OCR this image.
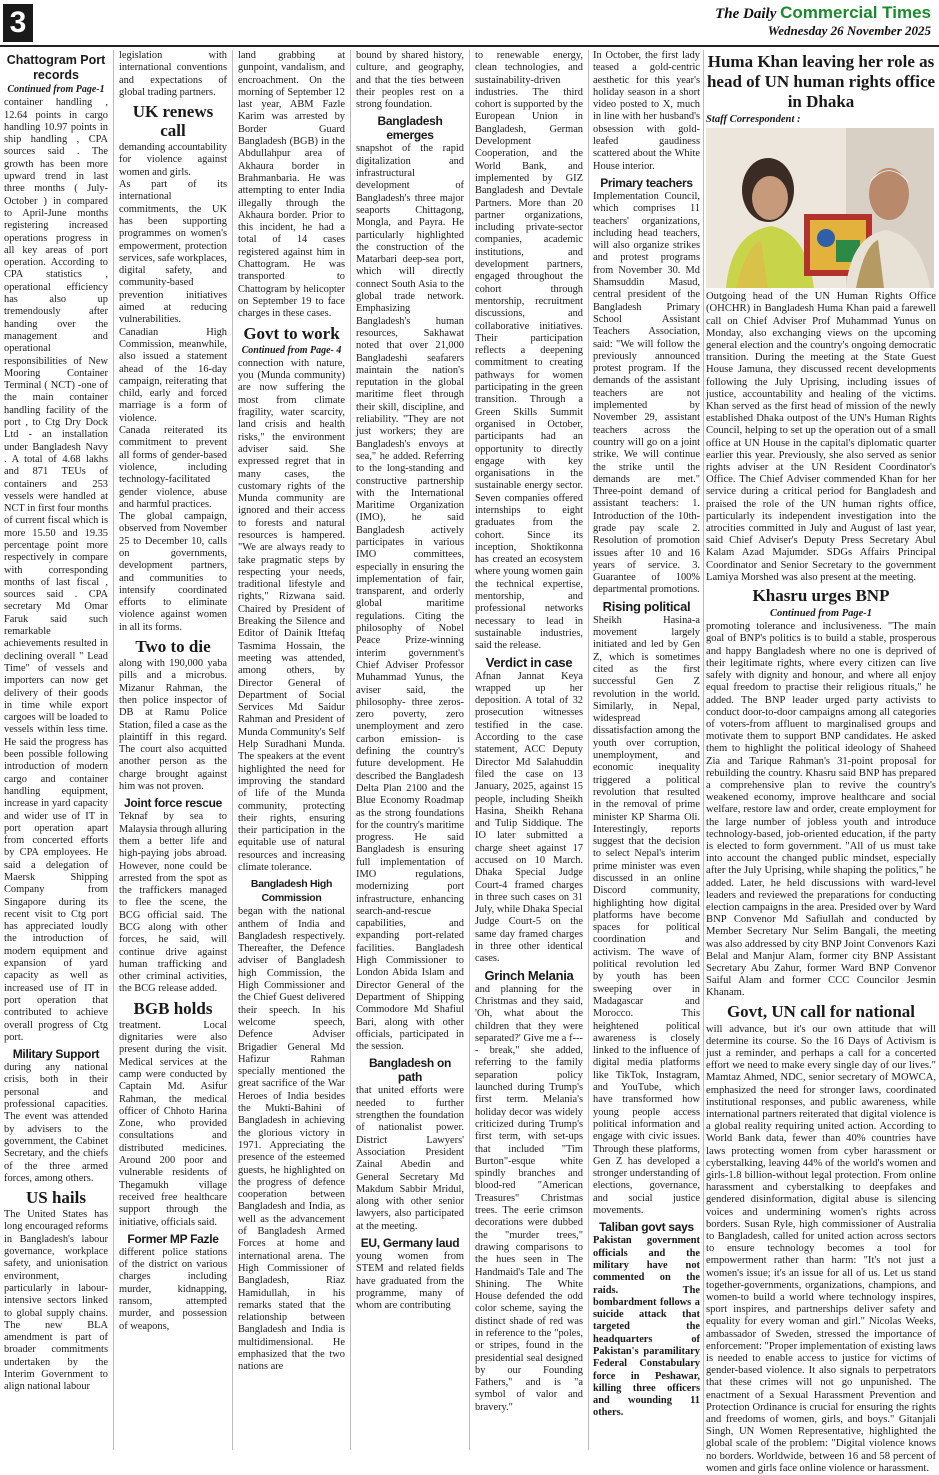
3	The Daily Commercial Times
Wednesday 26 November 2025
Chattogram Port records
Continued from Page-1

container handling , 12.64 points in cargo handling 10.97 points in ship handling , CPA sources said . The growth has been more upward trend in last three months ( July-October ) in compared to April-June months registering increased operations progress in all key areas of port operation. According to CPA statistics , operational efficiency has also up tremendously after handing over the management and operational responsibilities of New Mooring Container Terminal ( NCT) -one of the main container handling facility of the port , to Ctg Dry Dock Ltd - an installation under Bangladesh Navy . A total of 4.68 lakhs and 871 TEUs of containers and 253 vessels were handled at NCT in first four months of current fiscal which is more 15.50 and 19.35 percentage point more respectively in compare with corresponding months of last fiscal , sources said . CPA secretary Md Omar Faruk said such remarkable achievements resulted in declining overall " Lead Time" of vessels and importers can now get delivery of their goods in time while export cargoes will be loaded to vessels within less time. He said the progress has been possible following introduction of modern cargo and container handling equipment, increase in yard capacity and wider use of IT in port operation apart from concerted efforts by CPA employees. He said a delegation of Maersk Shipping Company from Singapore during its recent visit to Ctg port has appreciated loudly the introduction of modern equipment and expansion of yard capacity as well as increased use of IT in port operation that contributed to achieve overall progress of Ctg port.

Military Support

during any national crisis, both in their personal and professional capacities. The event was attended by advisers to the government, the Cabinet Secretary, and the chiefs of the three armed forces, among others.

US hails

The United States has long encouraged reforms in Bangladesh's labour governance, workplace safety, and unionisation environment, particularly in labour-intensive sectors linked to global supply chains. The new BLA amendment is part of broader commitments undertaken by the Interim Government to align national labour

legislation with international conventions and expectations of global trading partners.

UK renews call

demanding accountability for violence against women and girls.

As part of its international commitments, the UK has been supporting programmes on women's empowerment, protection services, safe workplaces, digital safety, and community-based prevention initiatives aimed at reducing vulnerabilities.

Canadian High Commission, meanwhile, also issued a statement ahead of the 16-day campaign, reiterating that child, early and forced marriage is a form of violence.

Canada reiterated its commitment to prevent all forms of gender-based violence, including technology-facilitated gender violence, abuse and harmful practices.

The global campaign, observed from November 25 to December 10, calls on governments, development partners, and communities to intensify coordinated efforts to eliminate violence against women in all its forms.

Two to die

along with 190,000 yaba pills and a microbus. Mizanur Rahman, the then police inspector of DB at Ramu Police Station, filed a case as the plaintiff in this regard. The court also acquitted another person as the charge brought against him was not proven.

Joint force rescue

Teknaf by sea to Malaysia through alluring them a better life and high-paying jobs abroad. However, none could be arrested from the spot as the traffickers managed to flee the scene, the BCG official said. The BCG along with other forces, he said, will continue drive against human trafficking and other criminal activities, the BCG release added.

BGB holds

treatment. Local dignitaries were also present during the visit. Medical services at the camp were conducted by Captain Md. Asifur Rahman, the medical officer of Chhoto Harina Zone, who provided consultations and distributed medicines. Around 200 poor and vulnerable residents of Thegamukh village received free healthcare support through the initiative, officials said.

Former MP Fazle

different police stations of the district on various charges including murder, kidnapping, ransom, attempted murder, and possession of weapons,

land grabbing at gunpoint, vandalism, and encroachment. On the morning of September 12 last year, ABM Fazle Karim was arrested by Border Guard Bangladesh (BGB) in the Abdullahpur area of Akhaura border in Brahmanbaria. He was attempting to enter India illegally through the Akhaura border. Prior to this incident, he had a total of 14 cases registered against him in Chattogram. He was transported to Chattogram by helicopter on September 19 to face charges in these cases.

Govt to work
Continued from Page- 4

connection with nature, you (Munda community) are now suffering the most from climate fragility, water scarcity, land crisis and health risks," the environment adviser said. She expressed regret that in many cases, the customary rights of the Munda community are ignored and their access to forests and natural resources is hampered. "We are always ready to take pragmatic steps by respecting your needs, traditional lifestyle and rights," Rizwana said. Chaired by President of Breaking the Silence and Editor of Dainik Ittefaq Tasmima Hossain, the meeting was attended, among others, by Director General of Department of Social Services Md Saidur Rahman and President of Munda Community's Self Help Suradhani Munda. The speakers at the event highlighted the need for improving the standard of life of the Munda community, protecting their rights, ensuring their participation in the equitable use of natural resources and increasing climate tolerance.

Bangladesh High Commission

began with the national anthem of India and Bangladesh respectively. Thereafter, the Defence adviser of Bangladesh high Commission, the High Commissioner and the Chief Guest delivered their speech. In his welcome speech, Defence Adviser Brigadier General Md Hafizur Rahman specially mentioned the great sacrifice of the War Heroes of India besides the Mukti-Bahini of Bangladesh in achieving the glorious victory in 1971. Appreciating the presence of the esteemed guests, he highlighted on the progress of defence cooperation between Bangladesh and India, as well as the advancement of Bangladesh Armed Forces at home and international arena. The High Commissioner of Bangladesh, Riaz Hamidullah, in his remarks stated that the relationship between Bangladesh and India is multidimensional. He emphasized that the two nations are

bound by shared history, culture, and geography, and that the ties between their peoples rest on a strong foundation.

Bangladesh emerges

snapshot of the rapid digitalization and infrastructural development of Bangladesh's three major seaports Chittagong, Mongla, and Payra. He particularly highlighted the construction of the Matarbari deep-sea port, which will directly connect South Asia to the global trade network. Emphasizing Bangladesh's human resources, Sakhawat noted that over 21,000 Bangladeshi seafarers maintain the nation's reputation in the global maritime fleet through their skill, discipline, and reliability. "They are not just workers; they are Bangladesh's envoys at sea," he added. Referring to the long-standing and constructive partnership with the International Maritime Organization (IMO), he said Bangladesh actively participates in various IMO committees, especially in ensuring the implementation of fair, transparent, and orderly global maritime regulations. Citing the philosophy of Nobel Peace Prize-winning interim government's Chief Adviser Professor Muhammad Yunus, the aviser said, the philosophy- three zeros- zero poverty, zero unemployment and zero carbon emission- is defining the country's future development. He described the Bangladesh Delta Plan 2100 and the Blue Economy Roadmap as the strong foundations for the country's maritime progress. He said Bangladesh is ensuring full implementation of IMO regulations, modernizing port infrastructure, enhancing search-and-rescue capabilities, and expanding port-related facilities. Bangladesh High Commissioner to London Abida Islam and Director General of the Department of Shipping Commodore Md Shafiul Bari, along with other officials, participated in the session.

Bangladesh on path

that united efforts were needed to further strengthen the foundation of nationalist power. District Lawyers' Association President Zainal Abedin and General Secretary Md Makdum Sabbir Mridul, along with other senior lawyers, also participated at the meeting.

EU, Germany laud

young women from STEM and related fields have graduated from the programme, many of whom are contributing

to renewable energy, clean technologies, and sustainability-driven industries. The third cohort is supported by the European Union in Bangladesh, German Development Cooperation, and the World Bank, and implemented by GIZ Bangladesh and Devtale Partners. More than 20 partner organizations, including private-sector companies, academic institutions, and development partners, engaged throughout the cohort through mentorship, recruitment discussions, and collaborative initiatives. Their participation reflects a deepening commitment to creating pathways for women participating in the green transition. Through a Green Skills Summit organised in October, participants had an opportunity to directly engage with key organisations in the sustainable energy sector. Seven companies offered internships to eight graduates from the cohort. Since its inception, Shoktikonna has created an ecosystem where young women gain the technical expertise, mentorship, and professional networks necessary to lead in sustainable industries, said the release.

Verdict in case

Afnan Jannat Keya wrapped up her deposition. A total of 32 prosecution witnesses testified in the case. According to the case statement, ACC Deputy Director Md Salahuddin filed the case on 13 January, 2025, against 15 people, including Sheikh Hasina, Sheikh Rehana and Tulip Siddique. The IO later submitted a charge sheet against 17 accused on 10 March. Dhaka Special Judge Court-4 framed charges in three such cases on 31 July, while Dhaka Special Judge Court-5 on the same day framed charges in three other identical cases.

Grinch Melania

and planning for the Christmas and they said, 'Oh, what about the children that they were separated?' Give me a f---- break," she added, referring to the family separation policy launched during Trump's first term. Melania's holiday decor was widely criticized during Trump's first term, with set-ups that included "Tim Burton"-esque white spindly branches and blood-red "American Treasures" Christmas trees. The eerie crimson decorations were dubbed the "murder trees," drawing comparisons to the hues seen in The Handmaid's Tale and The Shining. The White House defended the odd color scheme, saying the distinct shade of red was in reference to the "poles, or stripes, found in the presidential seal designed by our Founding Fathers," and is "a symbol of valor and bravery."

In October, the first lady teased a gold-centric aesthetic for this year's holiday season in a short video posted to X, much in line with her husband's obsession with gold-leafed gaudiness scattered about the White House interior.

Primary teachers

Implementation Council, which comprises 11 teachers' organizations, including head teachers, will also organize strikes and protest programs from November 30. Md Shamsuddin Masud, central president of the Bangladesh Primary School Assistant Teachers Association, said: "We will follow the previously announced protest program. If the demands of the assistant teachers are not implemented by November 29, assistant teachers across the country will go on a joint strike. We will continue the strike until the demands are met." Three-point demand of assistant teachers: 1. Introduction of the 10th-grade pay scale 2. Resolution of promotion issues after 10 and 16 years of service. 3. Guarantee of 100% departmental promotions.

Rising political

Sheikh Hasina-a movement largely initiated and led by Gen Z, which is sometimes cited as the first successful Gen Z revolution in the world. Similarly, in Nepal, widespread dissatisfaction among the youth over corruption, unemployment, and economic inequality triggered a political revolution that resulted in the removal of prime minister KP Sharma Oli. Interestingly, reports suggest that the decision to select Nepal's interim prime minister was even discussed in an online Discord community, highlighting how digital platforms have become spaces for political coordination and activism. The wave of political revolution led by youth has been sweeping over in Madagascar and Morocco. This heightened political awareness is closely linked to the influence of digital media platforms like TikTok, Instagram, and YouTube, which have transformed how young people access political information and engage with civic issues. Through these platforms, Gen Z has developed a stronger understanding of elections, governance, and social justice movements.

Taliban govt says

Pakistan government officials and the military have not commented on the raids. The bombardment follows a suicide attack that targeted the headquarters of Pakistan's paramilitary Federal Constabulary force in Peshawar, killing three officers and wounding 11 others.

Huma Khan leaving her role as head of UN human rights office in Dhaka

Staff Correspondent :

Outgoing head of the UN Human Rights Office (OHCHR) in Bangladesh Huma Khan paid a farewell call on Chief Adviser Prof Muhammad Yunus on Monday, also exchanging views on the upcoming general election and the country's ongoing democratic transition. During the meeting at the State Guest House Jamuna, they discussed recent developments following the July Uprising, including issues of justice, accountability and healing of the victims. Khan served as the first head of mission of the newly established Dhaka outpost of the UN's Human Rights Council, helping to set up the operation out of a small office at UN House in the capital's diplomatic quarter earlier this year. Previously, she also served as senior rights adviser at the UN Resident Coordinator's Office. The Chief Adviser commended Khan for her service during a critical period for Bangladesh and praised the role of the UN human rights office, particularly its independent investigation into the atrocities committed in July and August of last year, said Chief Adviser's Deputy Press Secretary Abul Kalam Azad Majumder. SDGs Affairs Principal Coordinator and Senior Secretary to the government Lamiya Morshed was also present at the meeting.

Khasru urges BNP
Continued from Page-1

promoting tolerance and inclusiveness. "The main goal of BNP's politics is to build a stable, prosperous and happy Bangladesh where no one is deprived of their legitimate rights, where every citizen can live safely with dignity and honour, and where all enjoy equal freedom to practise their religious rituals," he added. The BNP leader urged party activists to conduct door-to-door campaigns among all categories of voters-from affluent to marginalised groups and motivate them to support BNP candidates. He asked them to highlight the political ideology of Shaheed Zia and Tarique Rahman's 31-point proposal for rebuilding the country. Khasru said BNP has prepared a comprehensive plan to revive the country's weakened economy, improve healthcare and social welfare, restore law and order, create employment for the large number of jobless youth and introduce technology-based, job-oriented education, if the party is elected to form government. "All of us must take into account the changed public mindset, especially after the July Uprising, while shaping the politics," he added. Later, he held discussions with ward-level leaders and reviewed the preparations for conducting election campaigns in the area. Presided over by Ward BNP Convenor Md Safiullah and conducted by Member Secretary Nur Selim Bangali, the meeting was also addressed by city BNP Joint Convenors Kazi Belal and Manjur Alam, former city BNP Assistant Secretary Abu Zahur, former Ward BNP Convenor Saiful Alam and former CCC Councilor Jesmin Khanam.

Govt, UN call for national

will advance, but it's our own attitude that will determine its course. So the 16 Days of Activism is just a reminder, and perhaps a call for a concerted effort we need to make every single day of our lives." Mamtaz Ahmed, NDC, senior secretary of MOWCA, emphasized the need for stronger laws, coordinated institutional responses, and public awareness, while international partners reiterated that digital violence is a global reality requiring united action. According to World Bank data, fewer than 40% countries have laws protecting women from cyber harassment or cyberstalking, leaving 44% of the world's women and girls-1.8 billion-without legal protection. From online harassment and cyberstalking to deepfakes and gendered disinformation, digital abuse is silencing voices and undermining women's rights across borders. Susan Ryle, high commissioner of Australia to Bangladesh, called for united action across sectors to ensure technology becomes a tool for empowerment rather than harm: "It's not just a women's issue; it's an issue for all of us. Let us stand together-governments, organizations, champions, and women-to build a world where technology inspires, sport inspires, and partnerships deliver safety and equality for every woman and girl." Nicolas Weeks, ambassador of Sweden, stressed the importance of enforcement: "Proper implementation of existing laws is needed to enable access to justice for victims of gender-based violence. It also signals to perpetrators that these crimes will not go unpunished. The enactment of a Sexual Harassment Prevention and Protection Ordinance is crucial for ensuring the rights and freedoms of women, girls, and boys." Gitanjali Singh, UN Women Representative, highlighted the global scale of the problem: "Digital violence knows no borders. Worldwide, between 16 and 58 percent of women and girls face online violence or harassment.
